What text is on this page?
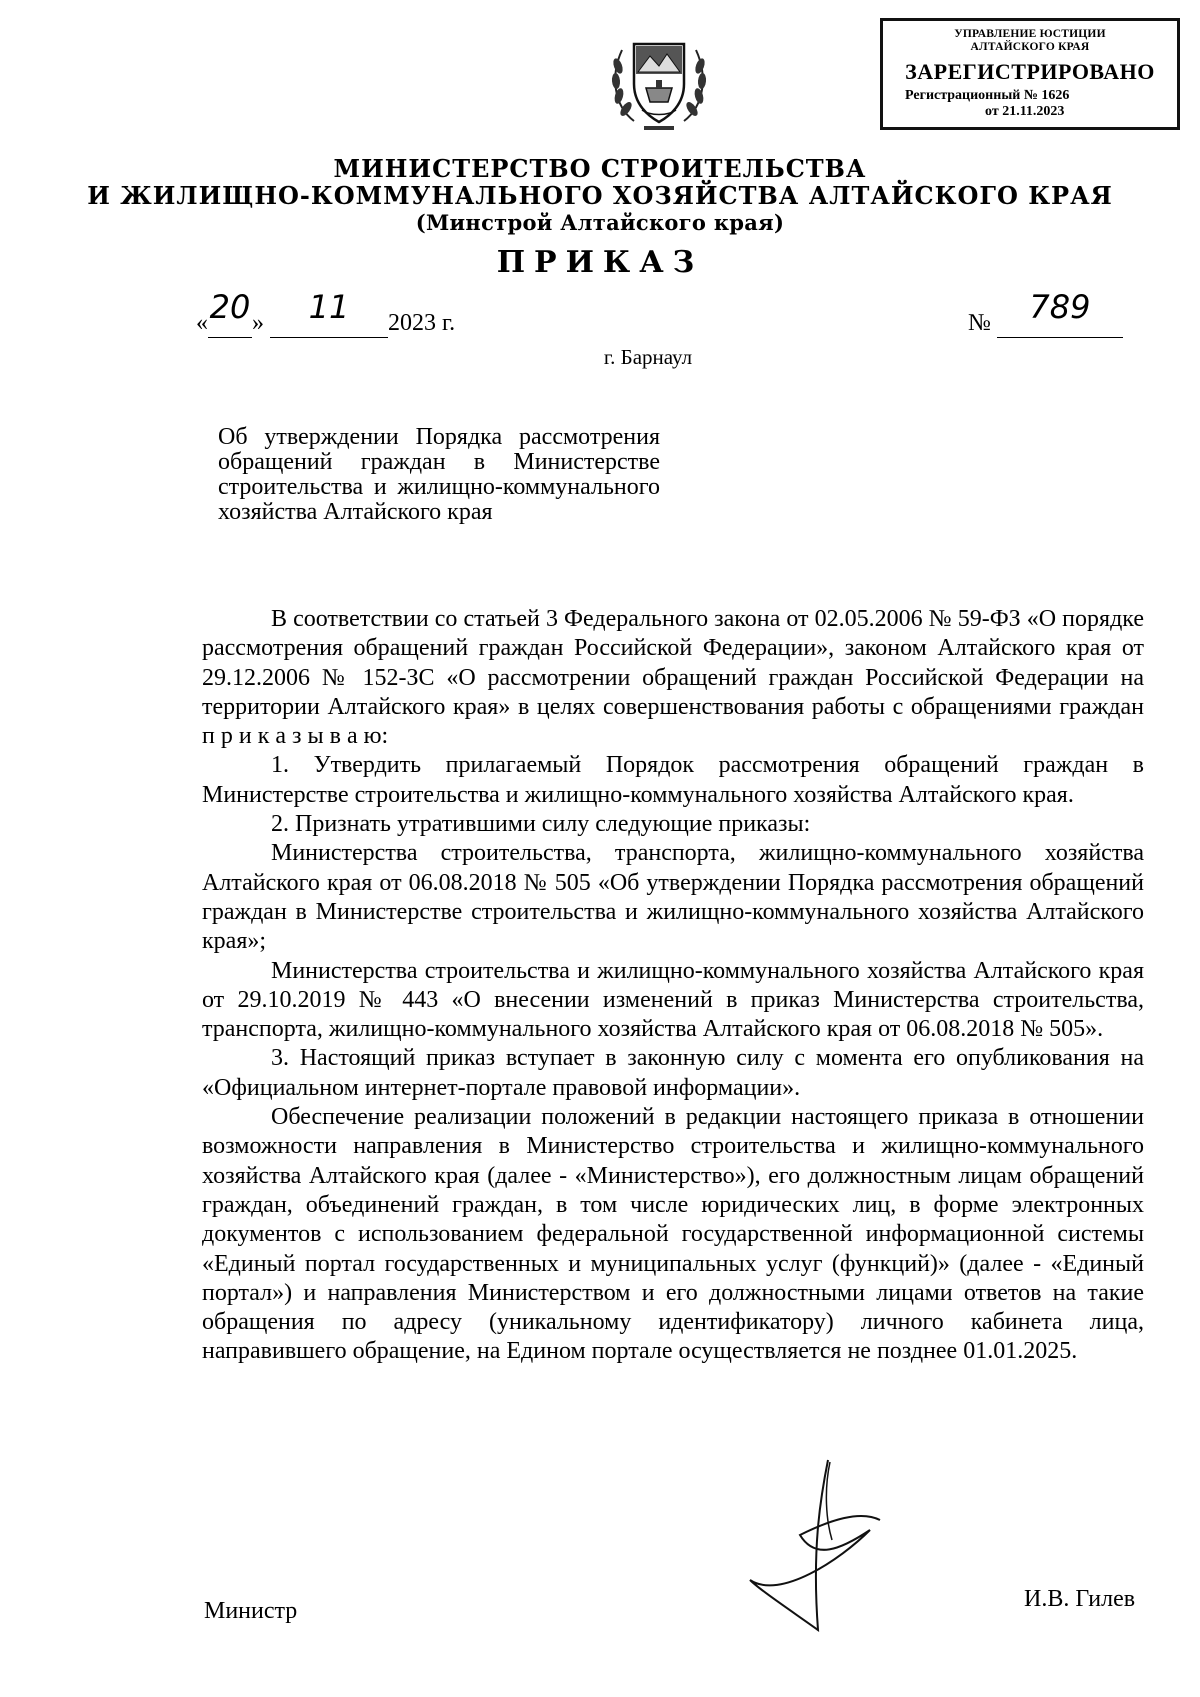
УПРАВЛЕНИЕ ЮСТИЦИИ
АЛТАЙСКОГО КРАЯ
ЗАРЕГИСТРИРОВАНО
Регистрационный № 1626
от 21.11.2023
МИНИСТЕРСТВО СТРОИТЕЛЬСТВА
И ЖИЛИЩНО-КОММУНАЛЬНОГО ХОЗЯЙСТВА АЛТАЙСКОГО КРАЯ
(Минстрой Алтайского края)
ПРИКАЗ
« 20 »	11	2023 г.	№	789

г. Барнаул
Об утверждении Порядка рассмотрения обращений граждан в Министерстве строительства и жилищно-коммунального хозяйства Алтайского края

В соответствии со статьей 3 Федерального закона от 02.05.2006 № 59-ФЗ «О порядке рассмотрения обращений граждан Российской Федерации», законом Алтайского края от 29.12.2006 № 152-ЗС «О рассмотрении обращений граждан Российской Федерации на территории Алтайского края» в целях совершенствования работы с обращениями граждан п р и к а з ы в а ю:

1. Утвердить прилагаемый Порядок рассмотрения обращений граждан в Министерстве строительства и жилищно-коммунального хозяйства Алтайского края.

2. Признать утратившими силу следующие приказы:

Министерства строительства, транспорта, жилищно-коммунального хозяйства Алтайского края от 06.08.2018 № 505 «Об утверждении Порядка рассмотрения обращений граждан в Министерстве строительства и жилищно-коммунального хозяйства Алтайского края»;

Министерства строительства и жилищно-коммунального хозяйства Алтайского края от 29.10.2019 № 443 «О внесении изменений в приказ Министерства строительства, транспорта, жилищно-коммунального хозяйства Алтайского края от 06.08.2018 № 505».

3. Настоящий приказ вступает в законную силу с момента его опубликования на «Официальном интернет-портале правовой информации».

Обеспечение реализации положений в редакции настоящего приказа в отношении возможности направления в Министерство строительства и жилищно-коммунального хозяйства Алтайского края (далее - «Министерство»), его должностным лицам обращений граждан, объединений граждан, в том числе юридических лиц, в форме электронных документов с использованием федеральной государственной информационной системы «Единый портал государственных и муниципальных услуг (функций)» (далее - «Единый портал») и направления Министерством и его должностными лицами ответов на такие обращения по адресу (уникальному идентификатору) личного кабинета лица, направившего обращение, на Едином портале осуществляется не позднее 01.01.2025.

Министр	И.В. Гилев
